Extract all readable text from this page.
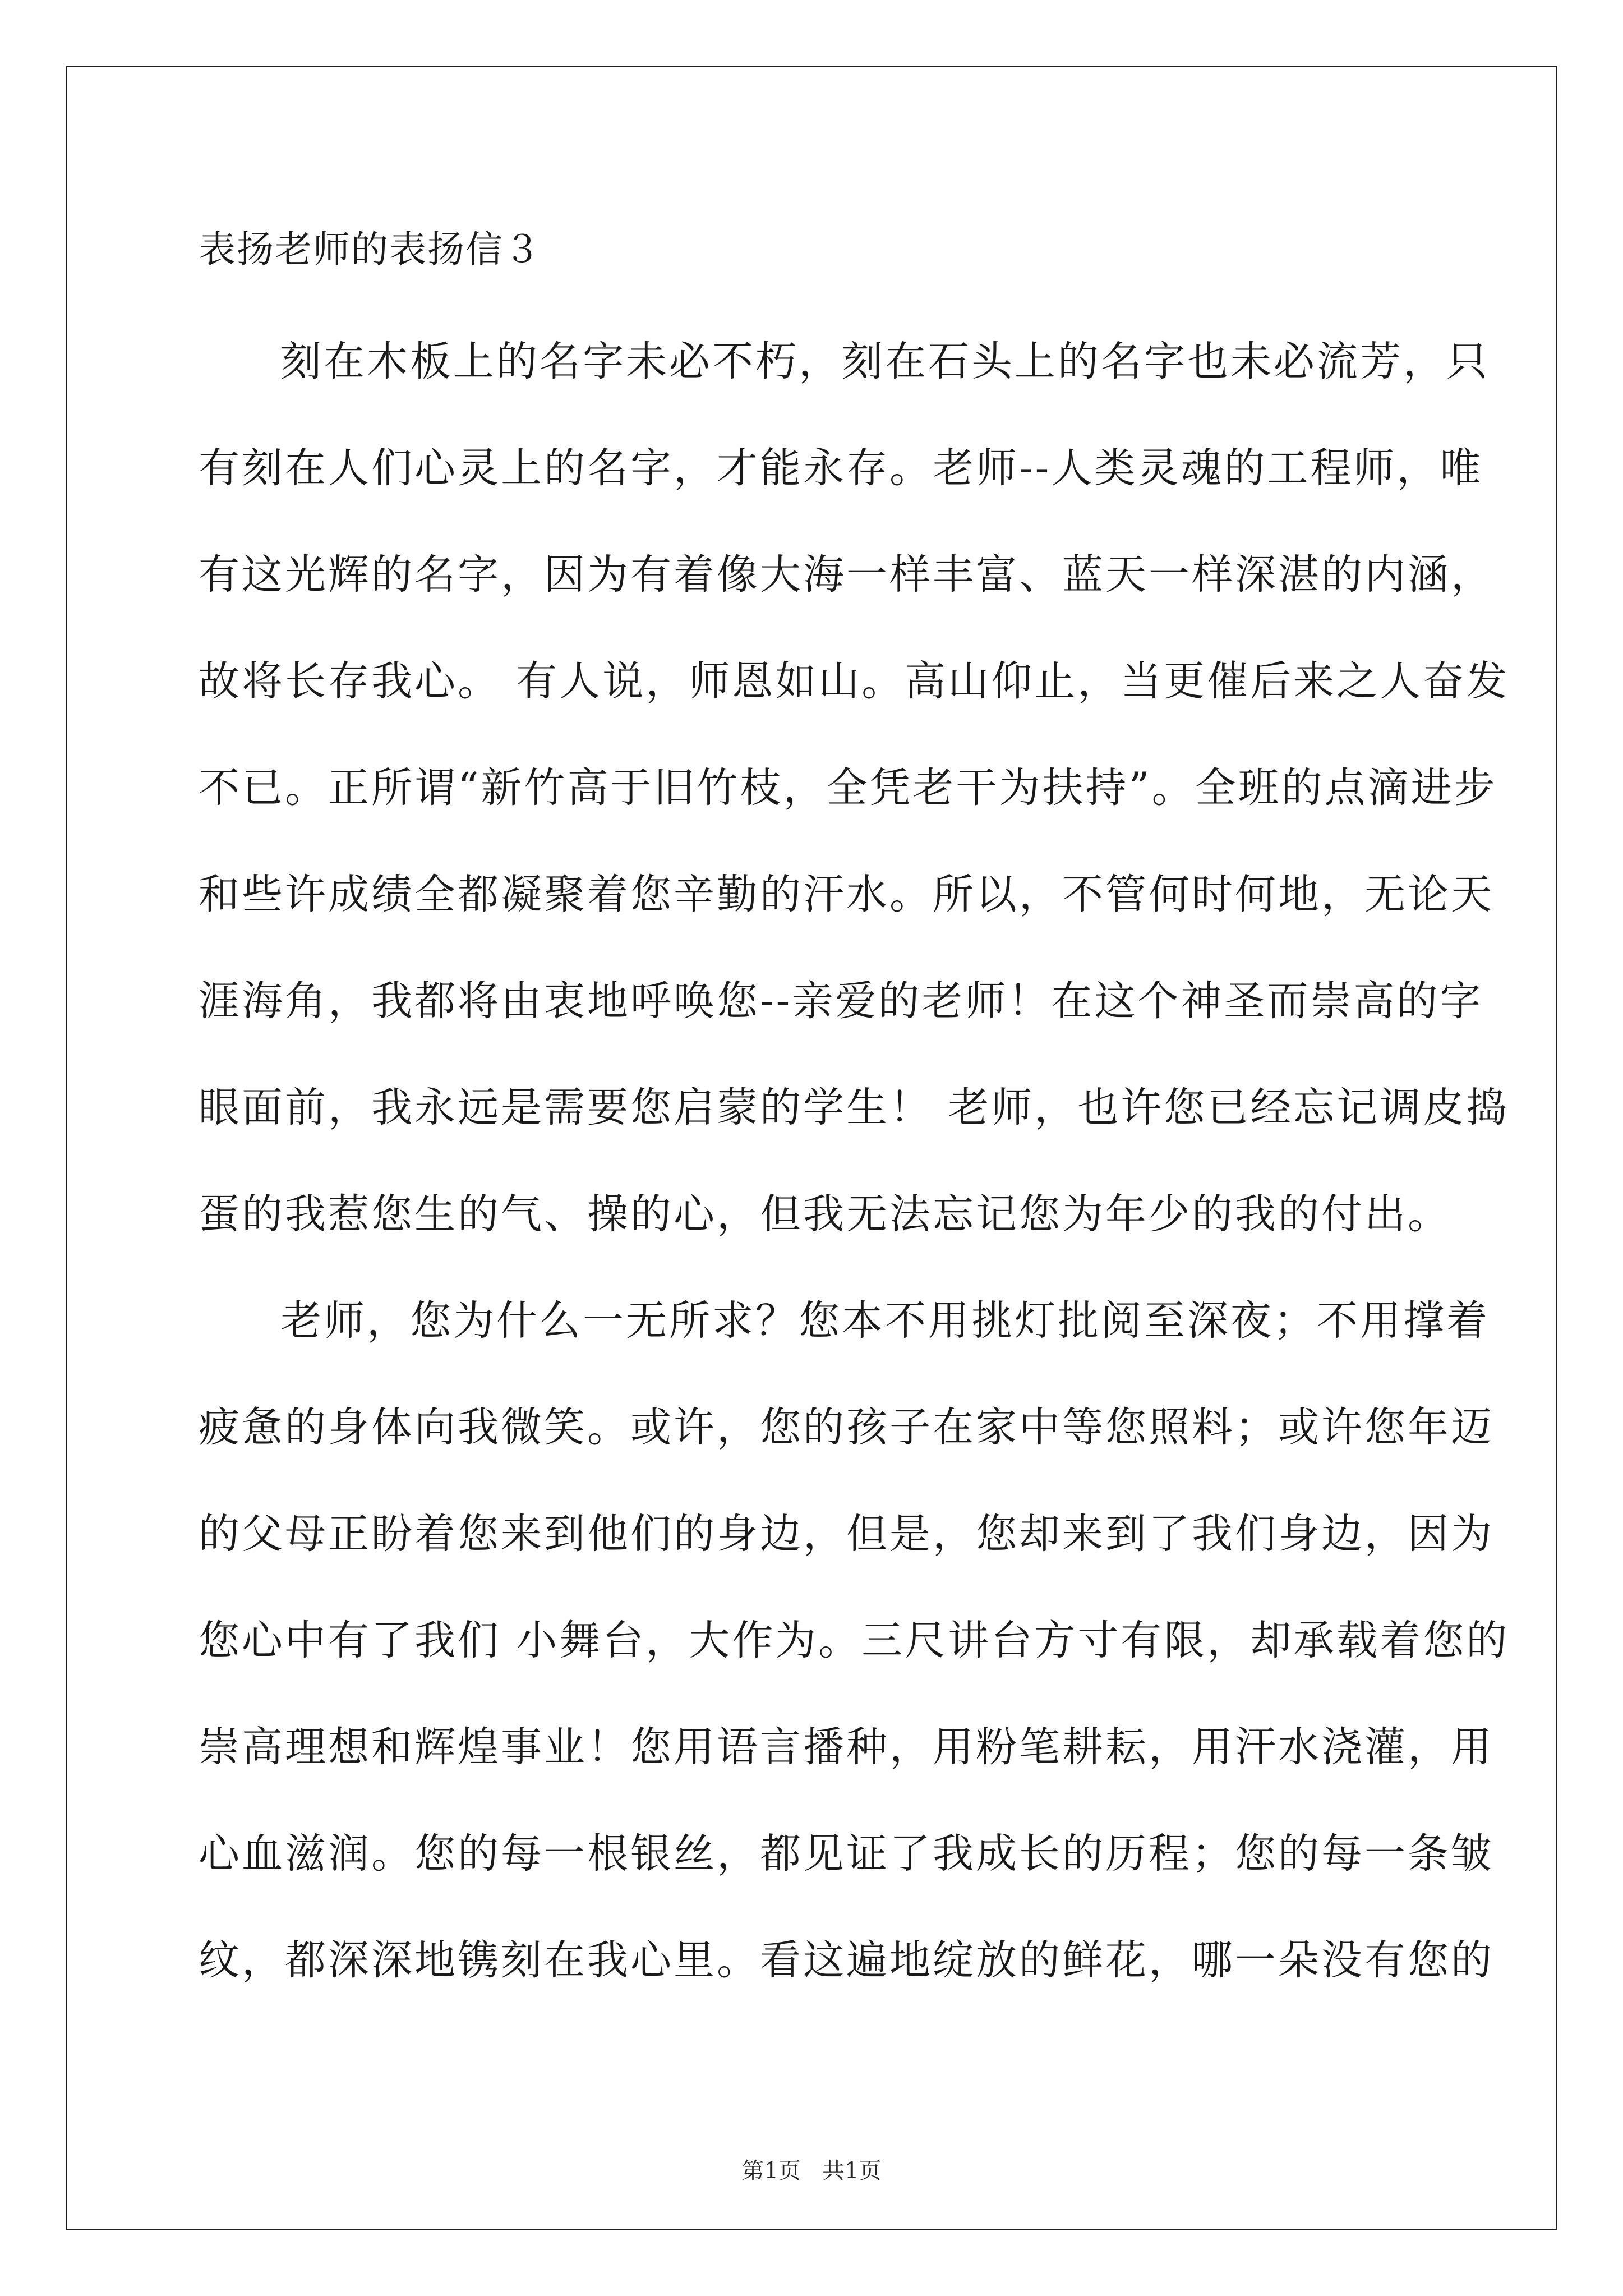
表扬老师的表扬信３
刻在木板上的名字未必不朽，刻在石头上的名字也未必流芳，只
有刻在人们心灵上的名字，才能永存。老师--人类灵魂的工程师，唯
有这光辉的名字，因为有着像大海一样丰富、蓝天一样深湛的内涵，
故将长存我心。 有人说，师恩如山。高山仰止，当更催后来之人奋发
不已。正所谓“新竹高于旧竹枝，全凭老干为扶持”。全班的点滴进步
和些许成绩全都凝聚着您辛勤的汗水。所以，不管何时何地，无论天
涯海角，我都将由衷地呼唤您--亲爱的老师！在这个神圣而崇高的字
眼面前，我永远是需要您启蒙的学生！ 老师，也许您已经忘记调皮捣
蛋的我惹您生的气、操的心，但我无法忘记您为年少的我的付出。
老师，您为什么一无所求？您本不用挑灯批阅至深夜；不用撑着
疲惫的身体向我微笑。或许，您的孩子在家中等您照料；或许您年迈
的父母正盼着您来到他们的身边，但是，您却来到了我们身边，因为
您心中有了我们 小舞台，大作为。三尺讲台方寸有限，却承载着您的
崇高理想和辉煌事业！您用语言播种，用粉笔耕耘，用汗水浇灌，用
心血滋润。您的每一根银丝，都见证了我成长的历程；您的每一条皱
纹，都深深地镌刻在我心里。看这遍地绽放的鲜花，哪一朵没有您的
第1页   共1页
